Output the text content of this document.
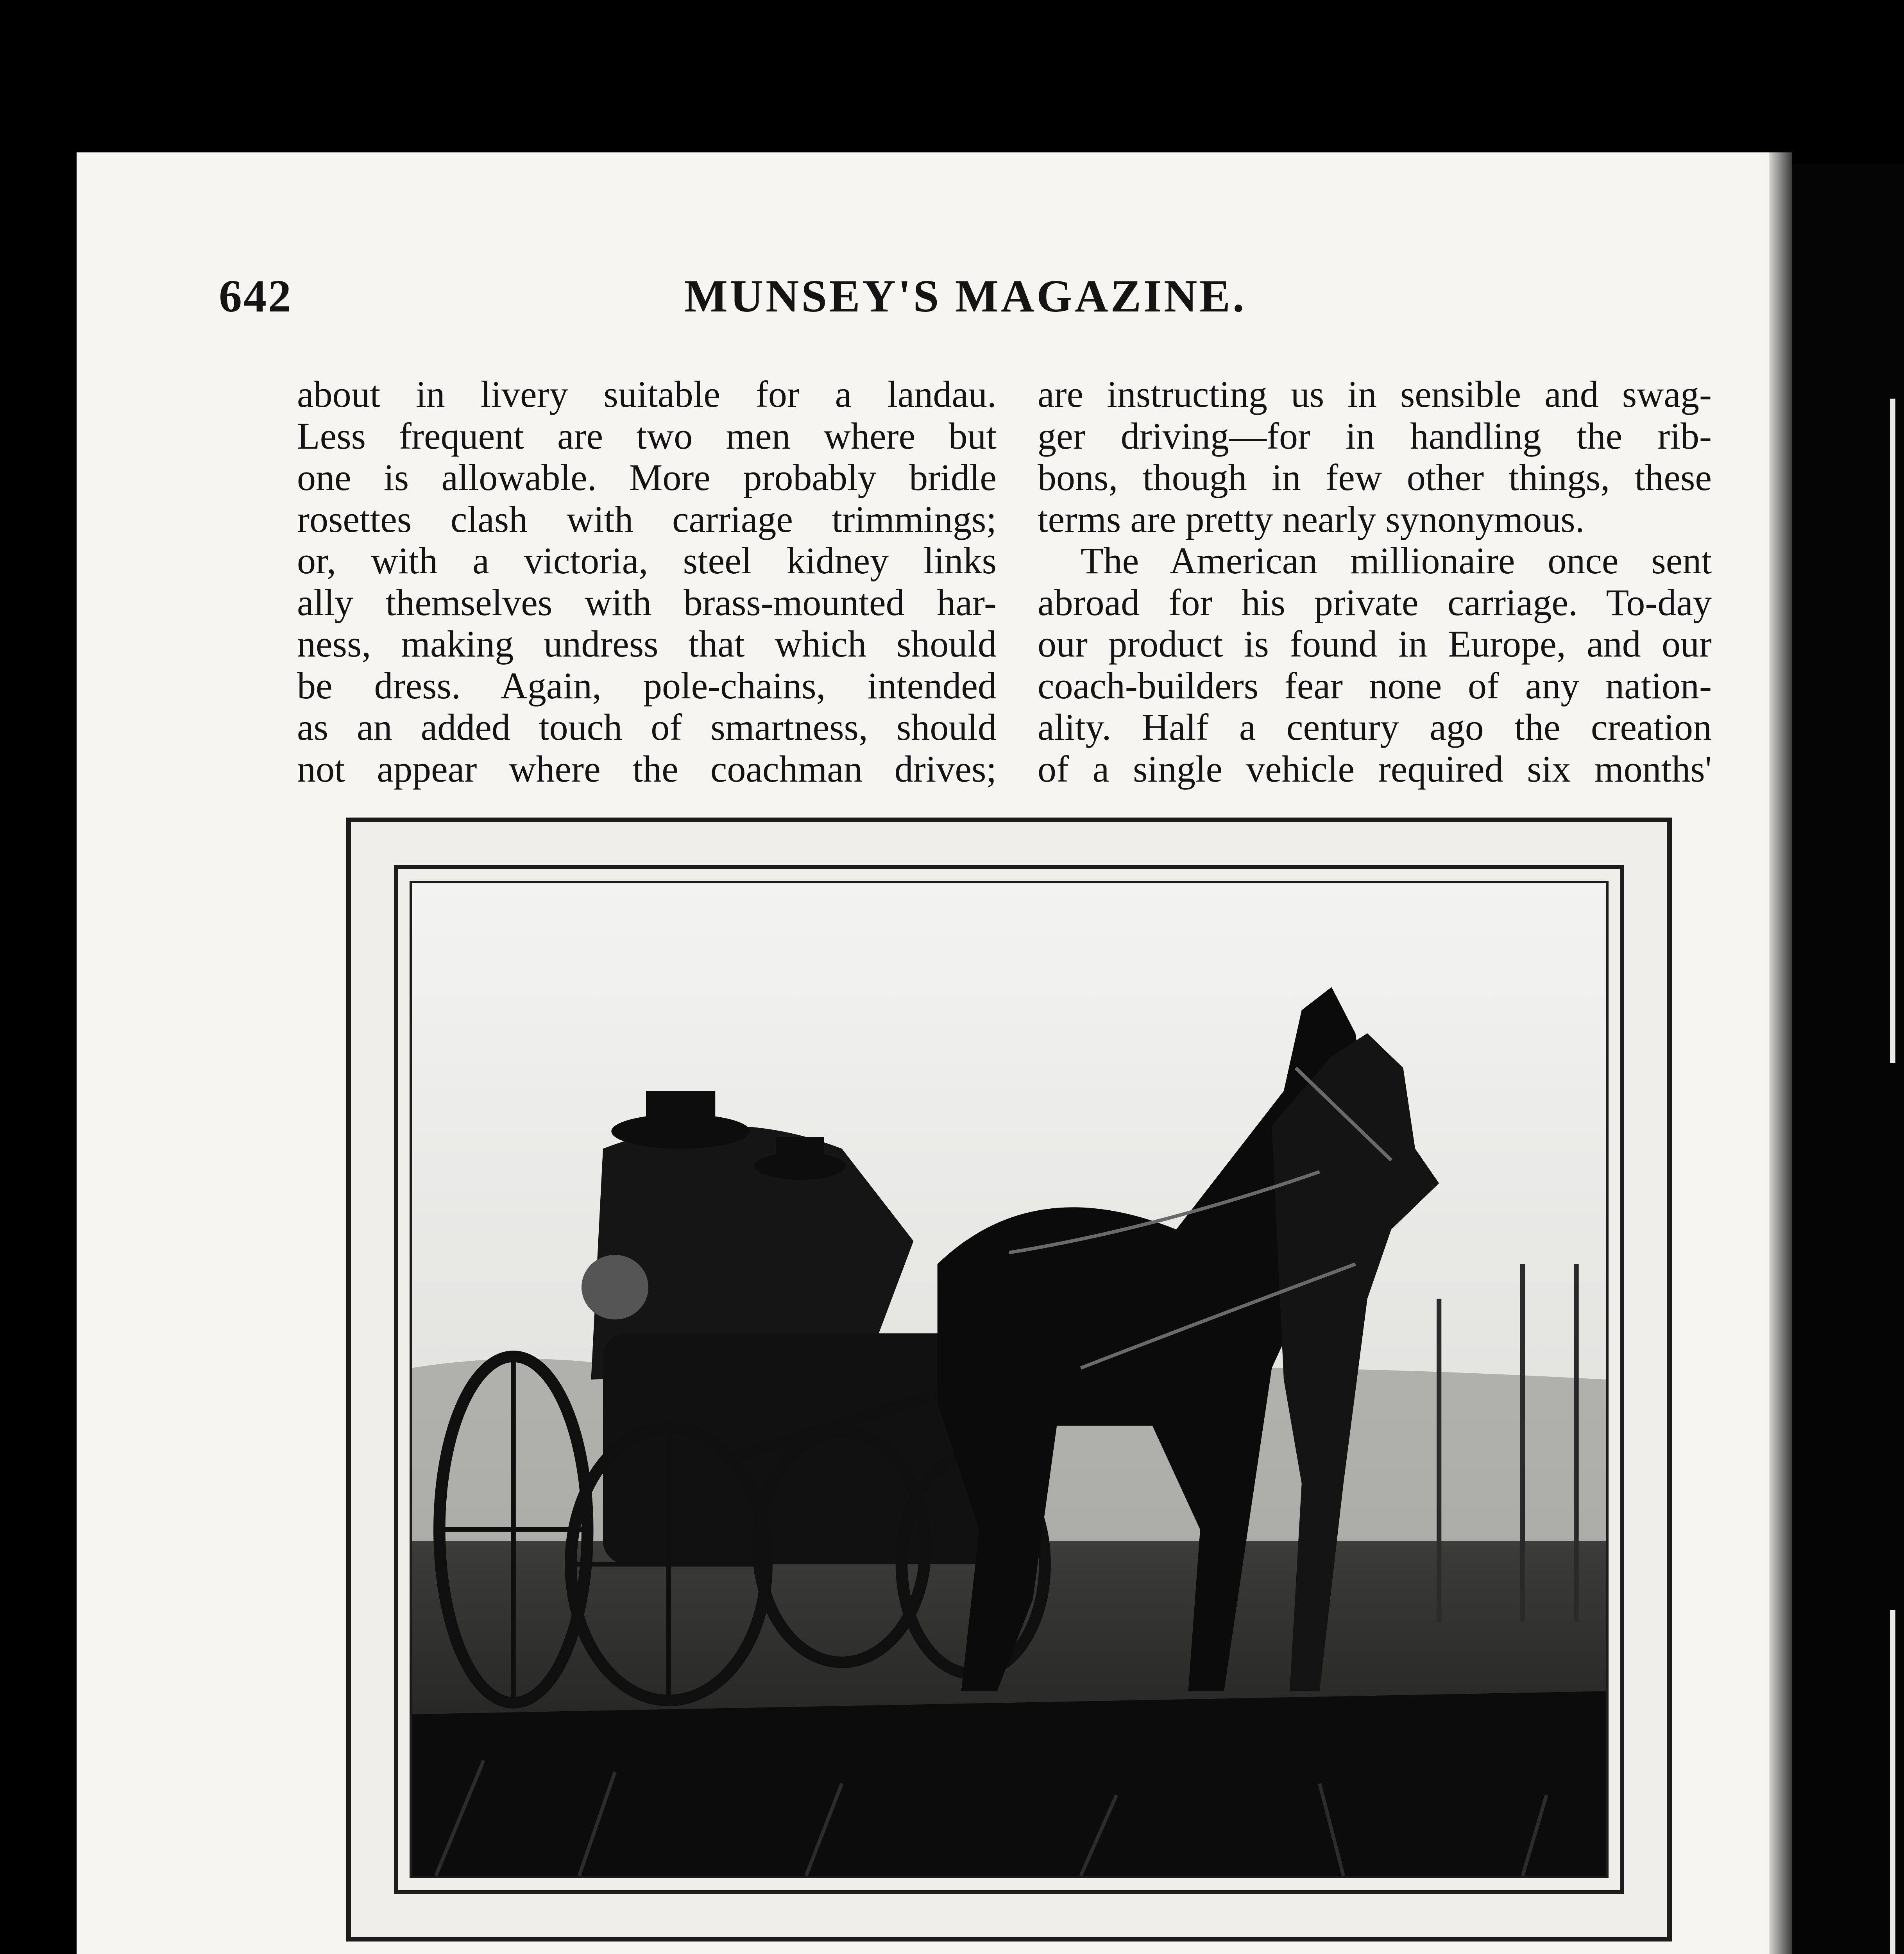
642	MUNSEY'S MAGAZINE.
about in livery suitable for a landau.
Less frequent are two men where but
one is allowable. More probably bridle
rosettes clash with carriage trimmings;
or, with a victoria, steel kidney links
ally themselves with brass-mounted har-
ness, making undress that which should
be dress. Again, pole-chains, intended
as an added touch of smartness, should
not appear where the coachman drives;
are instructing us in sensible and swag-
ger driving—for in handling the rib-
bons, though in few other things, these
terms are pretty nearly synonymous.
The American millionaire once sent
abroad for his private carriage. To-day
our product is found in Europe, and our
coach-builders fear none of any nation-
ality. Half a century ago the creation
of a single vehicle required six months'
